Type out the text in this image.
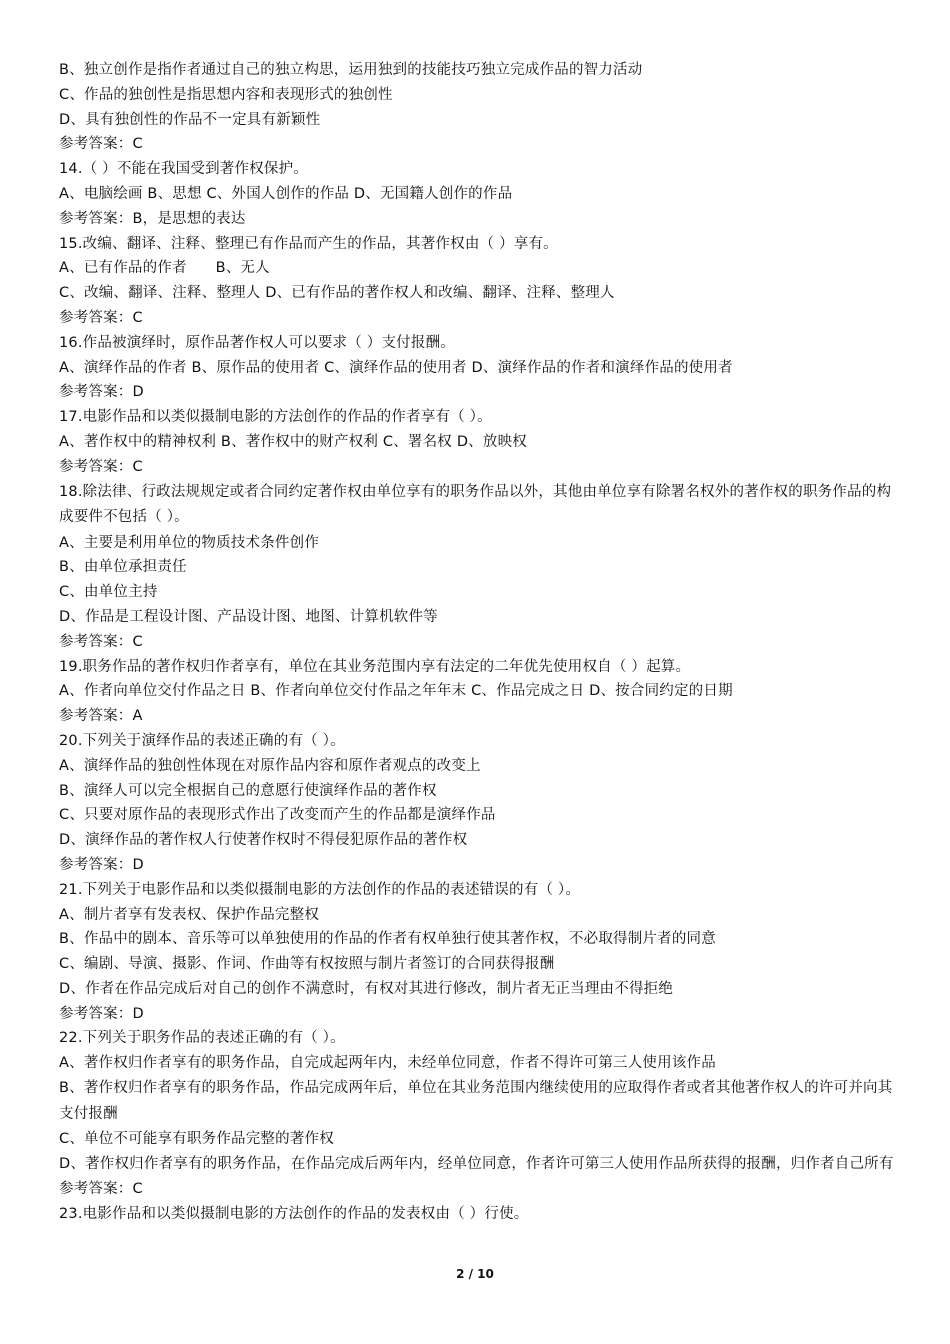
B、独立创作是指作者通过自己的独立构思，运用独到的技能技巧独立完成作品的智力活动
C、作品的独创性是指思想内容和表现形式的独创性
D、具有独创性的作品不一定具有新颖性
参考答案：C
14.（ ）不能在我国受到著作权保护。
A、电脑绘画 B、思想 C、外国人创作的作品 D、无国籍人创作的作品
参考答案：B，是思想的表达
15.改编、翻译、注释、整理已有作品而产生的作品，其著作权由（ ）享有。
A、已有作品的作者      B、无人
C、改编、翻译、注释、整理人 D、已有作品的著作权人和改编、翻译、注释、整理人
参考答案：C
16.作品被演绎时，原作品著作权人可以要求（ ）支付报酬。
A、演绎作品的作者 B、原作品的使用者 C、演绎作品的使用者 D、演绎作品的作者和演绎作品的使用者
参考答案：D
17.电影作品和以类似摄制电影的方法创作的作品的作者享有（ ）。
A、著作权中的精神权利 B、著作权中的财产权利 C、署名权 D、放映权
参考答案：C
18.除法律、行政法规规定或者合同约定著作权由单位享有的职务作品以外，其他由单位享有除署名权外的著作权的职务作品的构成要件不包括（ ）。
A、主要是利用单位的物质技术条件创作
B、由单位承担责任
C、由单位主持
D、作品是工程设计图、产品设计图、地图、计算机软件等
参考答案：C
19.职务作品的著作权归作者享有，单位在其业务范围内享有法定的二年优先使用权自（ ）起算。
A、作者向单位交付作品之日 B、作者向单位交付作品之年年末 C、作品完成之日 D、按合同约定的日期
参考答案：A
20.下列关于演绎作品的表述正确的有（ ）。
A、演绎作品的独创性体现在对原作品内容和原作者观点的改变上
B、演绎人可以完全根据自己的意愿行使演绎作品的著作权
C、只要对原作品的表现形式作出了改变而产生的作品都是演绎作品
D、演绎作品的著作权人行使著作权时不得侵犯原作品的著作权
参考答案：D
21.下列关于电影作品和以类似摄制电影的方法创作的作品的表述错误的有（ ）。
A、制片者享有发表权、保护作品完整权
B、作品中的剧本、音乐等可以单独使用的作品的作者有权单独行使其著作权，不必取得制片者的同意
C、编剧、导演、摄影、作词、作曲等有权按照与制片者签订的合同获得报酬
D、作者在作品完成后对自己的创作不满意时，有权对其进行修改，制片者无正当理由不得拒绝
参考答案：D
22.下列关于职务作品的表述正确的有（ ）。
A、著作权归作者享有的职务作品，自完成起两年内，未经单位同意，作者不得许可第三人使用该作品
B、著作权归作者享有的职务作品，作品完成两年后，单位在其业务范围内继续使用的应取得作者或者其他著作权人的许可并向其支付报酬
C、单位不可能享有职务作品完整的著作权
D、著作权归作者享有的职务作品，在作品完成后两年内，经单位同意，作者许可第三人使用作品所获得的报酬，归作者自己所有
参考答案：C
23.电影作品和以类似摄制电影的方法创作的作品的发表权由（ ）行使。
2 / 10
